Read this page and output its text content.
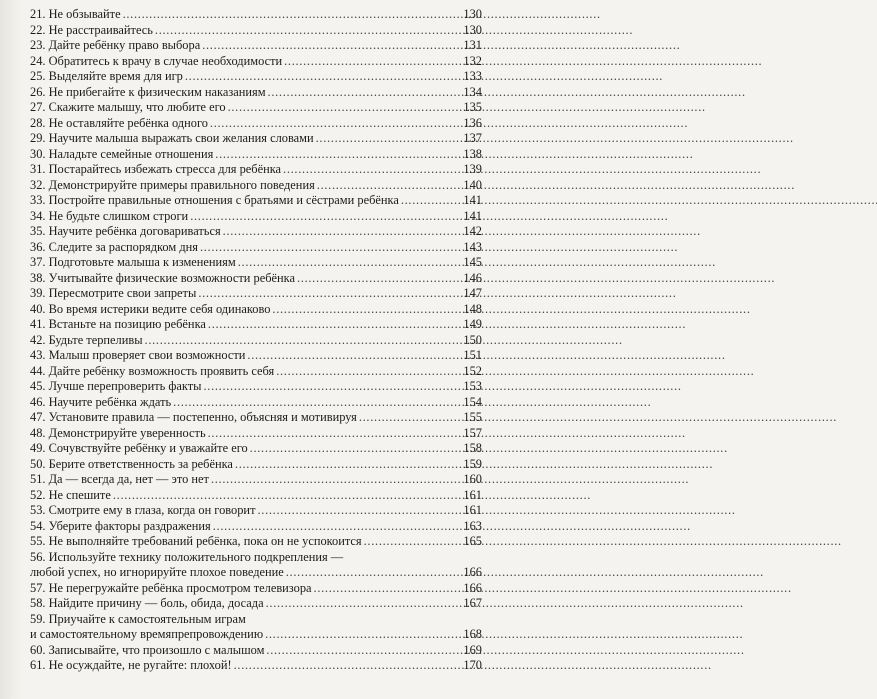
21. Не обзывайте . . .	130
22. Не расстраивайтесь . . .	130
23. Дайте ребёнку право выбора . . .	131
24. Обратитесь к врачу в случае необходимости . . .	132
25. Выделяйте время для игр . . .	133
26. Не прибегайте к физическим наказаниям . . .	134
27. Скажите малышу, что любите его . . .	135
28. Не оставляйте ребёнка одного . . .	136
29. Научите малыша выражать свои желания словами . . .	137
30. Наладьте семейные отношения . . .	138
31. Постарайтесь избежать стресса для ребёнка . . .	139
32. Демонстрируйте примеры правильного поведения . . .	140
33. Постройте правильные отношения с братьями и сёстрами ребёнка . . .	141
34. Не будьте слишком строги . . .	141
35. Научите ребёнка договариваться . . .	142
36. Следите за распорядком дня . . .	143
37. Подготовьте малыша к изменениям . . .	145
38. Учитывайте физические возможности ребёнка . . .	146
39. Пересмотрите свои запреты . . .	147
40. Во время истерики ведите себя одинаково . . .	148
41. Встаньте на позицию ребёнка . . .	149
42. Будьте терпеливы . . .	150
43. Малыш проверяет свои возможности . . .	151
44. Дайте ребёнку возможность проявить себя . . .	152
45. Лучше перепроверить факты . . .	153
46. Научите ребёнка ждать . . .	154
47. Установите правила — постепенно, объясняя и мотивируя . . .	155
48. Демонстрируйте уверенность . . .	157
49. Сочувствуйте ребёнку и уважайте его . . .	158
50. Берите ответственность за ребёнка . . .	159
51. Да — всегда да, нет — это нет . . .	160
52. Не спешите . . .	161
53. Смотрите ему в глаза, когда он говорит . . .	161
54. Уберите факторы раздражения . . .	163
55. Не выполняйте требований ребёнка, пока он не успокоится . . .	165
56. Используйте технику положительного подкрепления —
любой успех, но игнорируйте плохое поведение . . .	166
57. Не перегружайте ребёнка просмотром телевизора . . .	166
58. Найдите причину — боль, обида, досада . . .	167
59. Приучайте к самостоятельным играм
и самостоятельному времяпрепровождению . . .	168
60. Записывайте, что произошло с малышом . . .	169
61. Не осуждайте, не ругайте: плохой! . . .	170
